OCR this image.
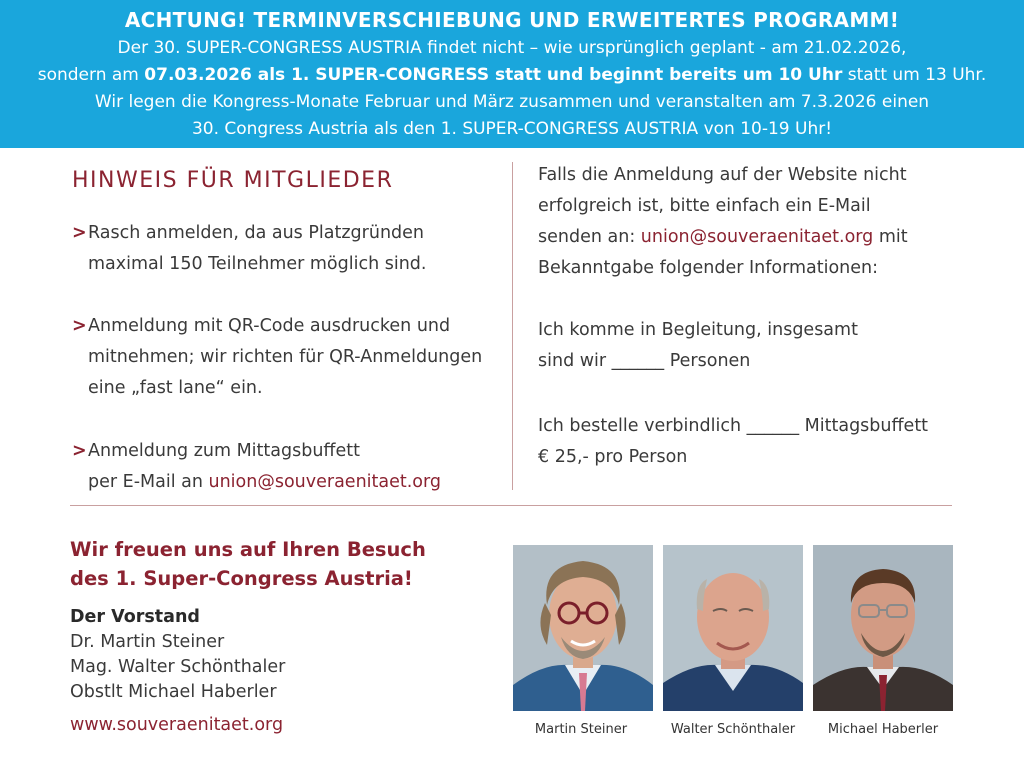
ACHTUNG! TERMINVERSCHIEBUNG UND ERWEITERTES PROGRAMM!
Der 30. SUPER-CONGRESS AUSTRIA findet nicht – wie ursprünglich geplant - am 21.02.2026,
sondern am 07.03.2026 als 1. SUPER-CONGRESS statt und beginnt bereits um 10 Uhr statt um 13 Uhr.
Wir legen die Kongress-Monate Februar und März zusammen und veranstalten am 7.3.2026 einen
30. Congress Austria als den 1. SUPER-CONGRESS AUSTRIA von 10-19 Uhr!
HINWEIS FÜR MITGLIEDER
>Rasch anmelden, da aus Platzgründen
maximal 150 Teilnehmer möglich sind.
>Anmeldung mit QR-Code ausdrucken und
mitnehmen; wir richten für QR-Anmeldungen
eine „fast lane“ ein.
>Anmeldung zum Mittagsbuffett
per E-Mail an union@souveraenitaet.org
Falls die Anmeldung auf der Website nicht
erfolgreich ist, bitte einfach ein E-Mail
senden an: union@souveraenitaet.org mit
Bekanntgabe folgender Informationen:
Ich komme in Begleitung, insgesamt
sind wir ______ Personen
Ich bestelle verbindlich ______ Mittagsbuffett
€ 25,- pro Person
Wir freuen uns auf Ihren Besuch
des 1. Super-Congress Austria!
Der Vorstand
Dr. Martin Steiner
Mag. Walter Schönthaler
Obstlt Michael Haberler
www.souveraenitaet.org	Martin Steiner	Walter Schönthaler	Michael Haberler
